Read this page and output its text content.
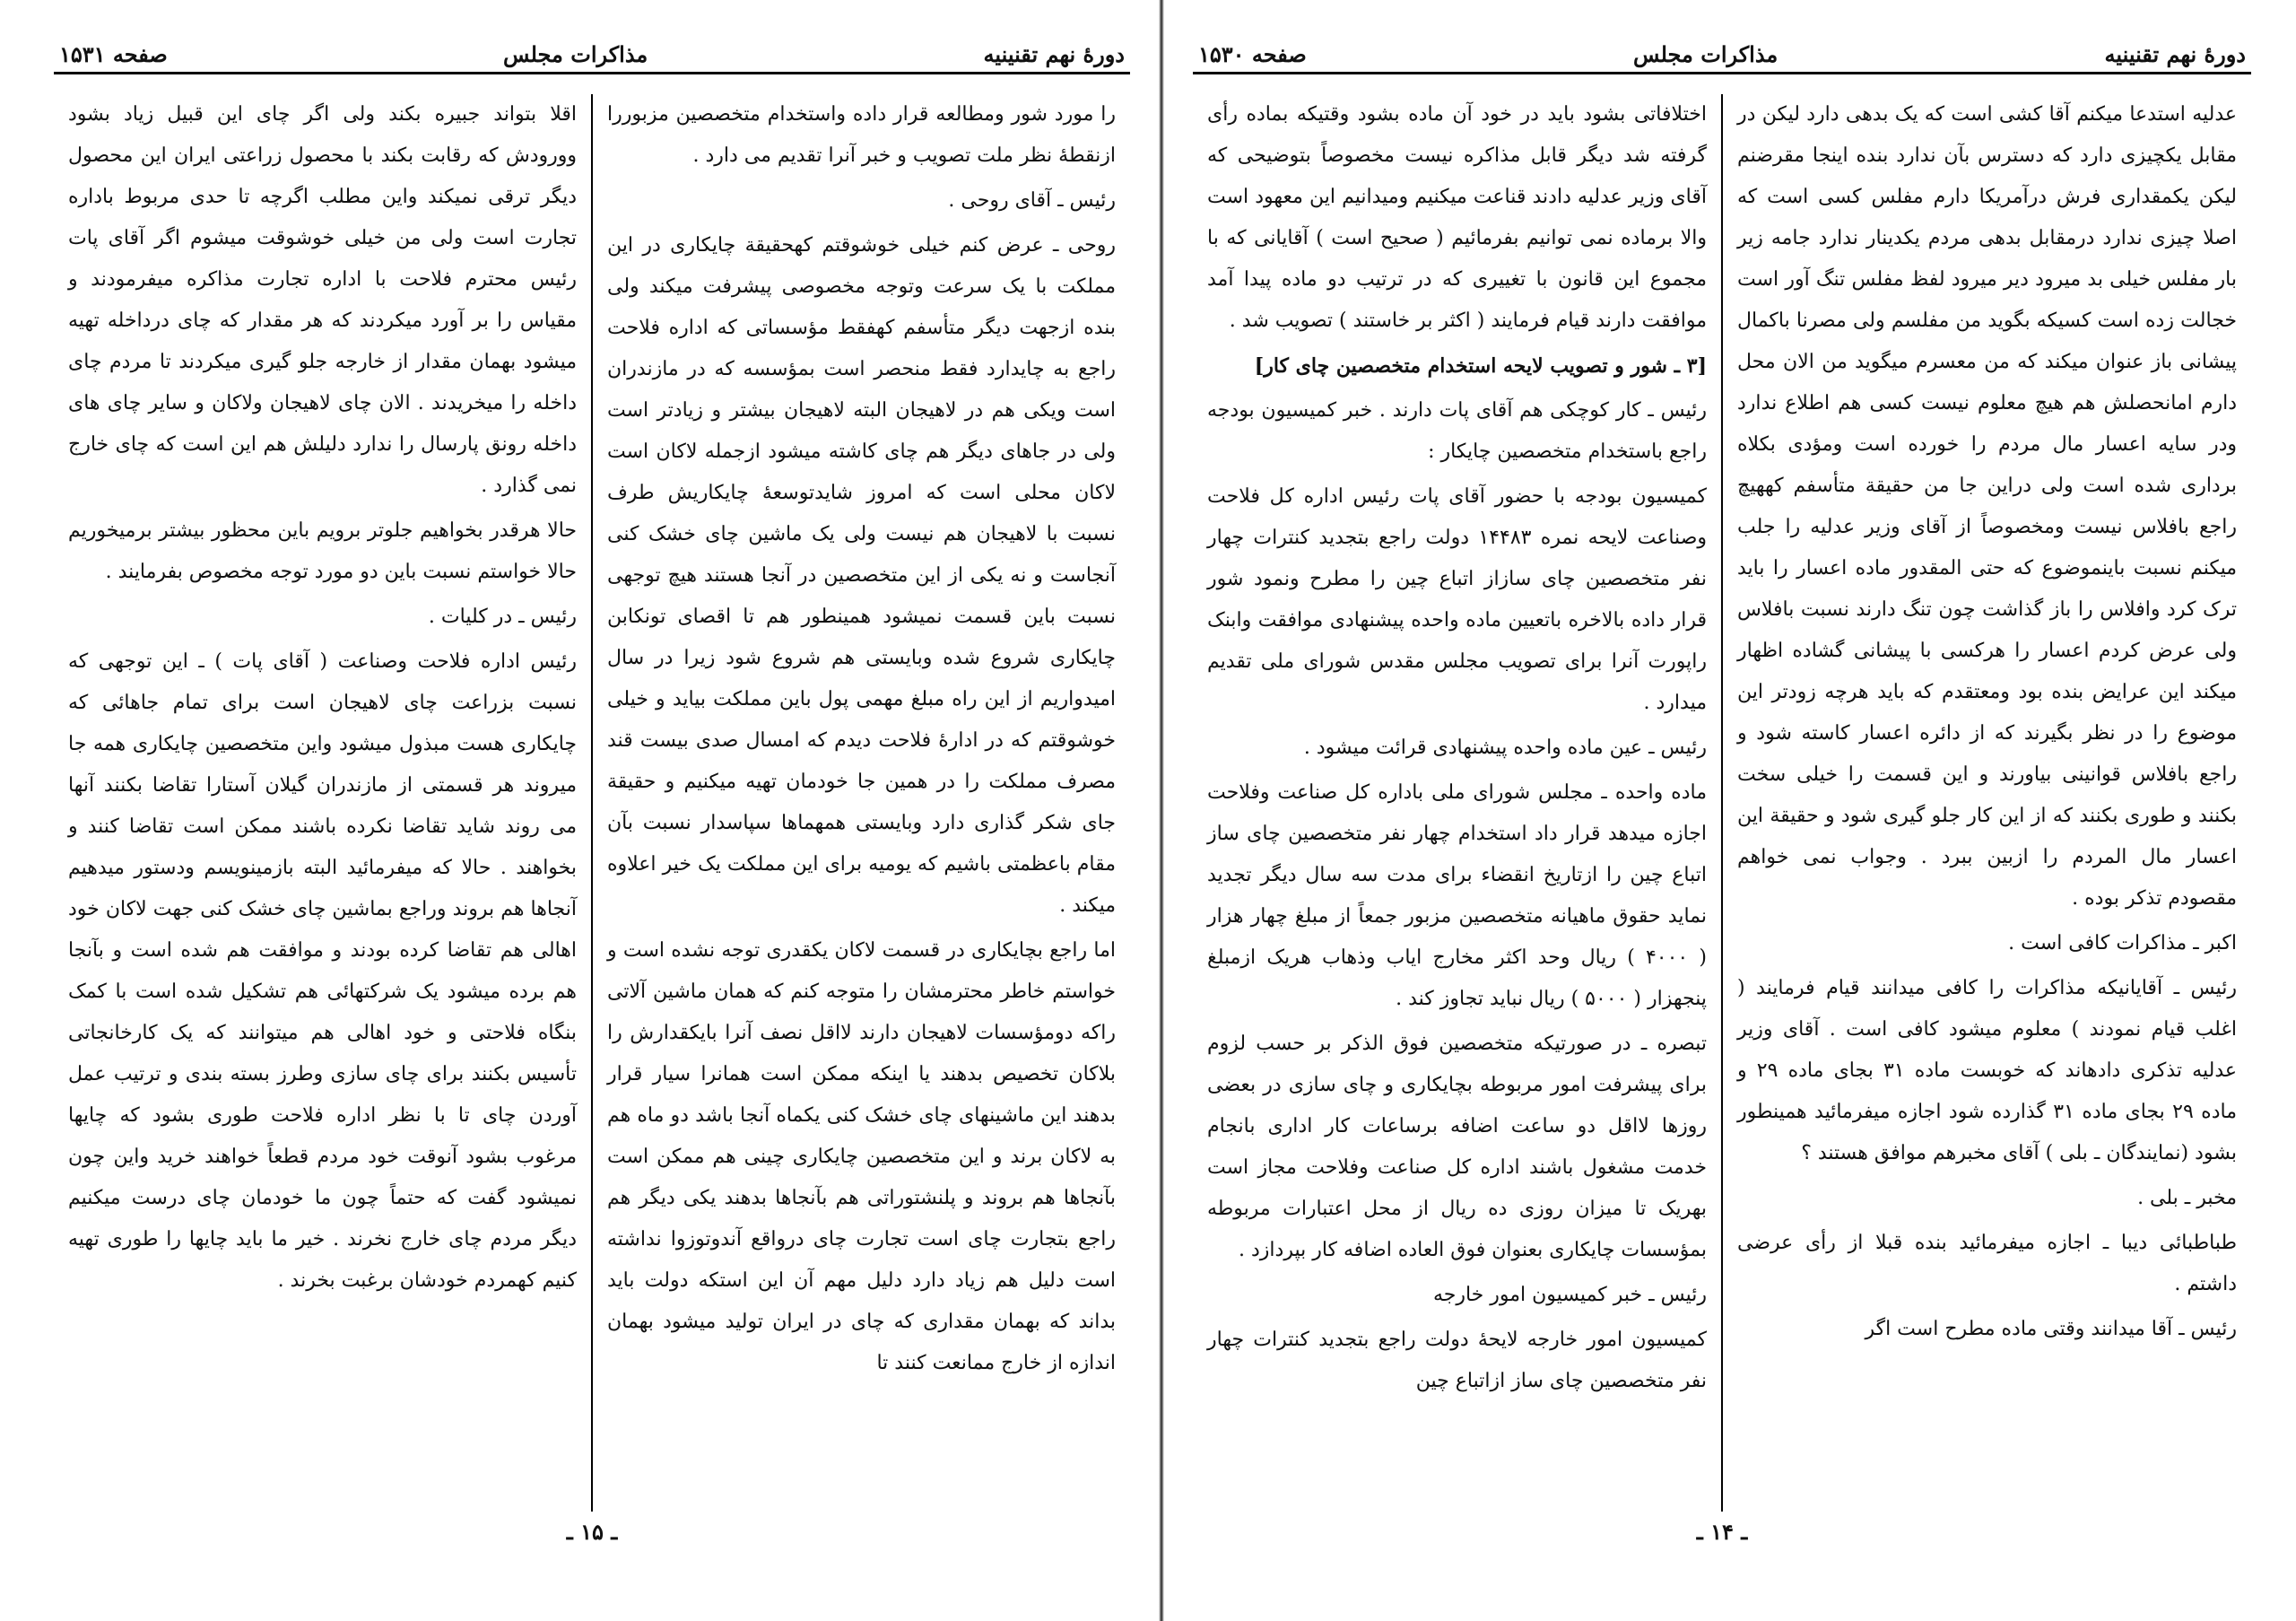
دورهٔ نهم تقنینیه
مذاکرات مجلس
صفحه ۱۵۳۱

را مورد شور ومطالعه قرار داده واستخدام متخصصین مزبوررا ازنقطهٔ نظر ملت تصویب و خبر آنرا تقدیم می دارد .

رئیس ـ آقای روحی .

روحی ـ عرض کنم خیلی خوشوقتم کهحقیقة چایکاری در این مملکت با یک سرعت وتوجه مخصوصی پیشرفت میکند ولی بنده ازجهت دیگر متأسفم کهفقط مؤسساتی که اداره فلاحت راجع به چایدارد فقط منحصر است بمؤسسه که در مازندران است ویکی هم در لاهیجان البته لاهیجان بیشتر و زیادتر است ولی در جاهای دیگر هم چای کاشته میشود ازجمله لاکان است لاکان محلی است که امروز شایدتوسعهٔ چایکاریش طرف نسبت با لاهیجان هم نیست ولی یک ماشین چای خشک کنی آنجاست و نه یکی از این متخصصین در آنجا هستند هیچ توجهی نسبت باین قسمت نمیشود همینطور هم تا اقصای تونکابن چایکاری شروع شده وبایستی هم شروع شود زیرا در سال امیدواریم از این راه مبلغ مهمی پول باین مملکت بیاید و خیلی خوشوقتم که در ادارهٔ فلاحت دیدم که امسال صدی بیست قند مصرف مملکت را در همین جا خودمان تهیه میکنیم و حقیقة جای شکر گذاری دارد وبایستی همهماها سپاسدار نسبت بآن مقام باعظمتی باشیم که یومیه برای این مملکت یک خیر اعلاوه میکند .

اما راجع بچایکاری در قسمت لاکان یکقدری توجه نشده است و خواستم خاطر محترمشان را متوجه کنم که همان ماشین آلاتی راکه دومؤسسات لاهیجان دارند لااقل نصف آنرا بایکقدارش را بلاکان تخصیص بدهند یا اینکه ممکن است همانرا سیار قرار بدهند این ماشینهای چای خشک کنی یکماه آنجا باشد دو ماه هم به لاکان برند و این متخصصین چایکاری چینی هم ممکن است بآنجاها هم بروند و پلنشتوراتی هم بآنجاها بدهند یکی دیگر هم راجع بتجارت چای است تجارت چای درواقع آندوتوزوا نداشته است دلیل هم زیاد دارد دلیل مهم آن این استکه دولت باید بداند که بهمان مقداری که چای در ایران تولید میشود بهمان اندازه از خارج ممانعت کنند تا

اقلا بتواند جبیره بکند ولی اگر چای این قبیل زیاد بشود وورودش که رقابت بکند با محصول زراعتی ایران این محصول دیگر ترقی نمیکند واین مطلب اگرچه تا حدی مربوط باداره تجارت است ولی من خیلی خوشوقت میشوم اگر آقای پات رئیس محترم فلاحت با اداره تجارت مذاکره میفرمودند و مقیاس را بر آورد میکردند که هر مقدار که چای درداخله تهیه میشود بهمان مقدار از خارجه جلو گیری میکردند تا مردم چای داخله را میخریدند . الان چای لاهیجان ولاکان و سایر چای های داخله رونق پارسال را ندارد دلیلش هم این است که چای خارج نمی گذارد .

حالا هرقدر بخواهیم جلوتر برویم باین محظور بیشتر برمیخوریم حالا خواستم نسبت باین دو مورد توجه مخصوص بفرمایند .

رئیس ـ در کلیات .

رئیس اداره فلاحت وصناعت ( آقای پات ) ـ این توجهی که نسبت بزراعت چای لاهیجان است برای تمام جاهائی که چایکاری هست مبذول میشود واین متخصصین چایکاری همه جا میروند هر قسمتی از مازندران گیلان آستارا تقاضا بکنند آنها می روند شاید تقاضا نکرده باشند ممکن است تقاضا کنند و بخواهند . حالا که میفرمائید البته بازمینویسم ودستور میدهیم آنجاها هم بروند وراجع بماشین چای خشک کنی جهت لاکان خود اهالی هم تقاضا کرده بودند و موافقت هم شده است و بآنجا هم برده میشود یک شرکتهائی هم تشکیل شده است با کمک بنگاه فلاحتی و خود اهالی هم میتوانند که یک کارخانجاتی تأسیس بکنند برای چای سازی وطرز بسته بندی و ترتیب عمل آوردن چای تا با نظر اداره فلاحت طوری بشود که چایها مرغوب بشود آنوقت خود مردم قطعاً خواهند خرید واین چون نمیشود گفت که حتماً چون ما خودمان چای درست میکنیم دیگر مردم چای خارج نخرند . خیر ما باید چایها را طوری تهیه کنیم کهمردم خودشان برغبت بخرند .

ـ ۱۵ ـ
دورهٔ نهم تقنینیه
مذاکرات مجلس
صفحه ۱۵۳۰

عدلیه استدعا میکنم آقا کشی است که یک بدهی دارد لیکن در مقابل یکچیزی دارد که دسترس بآن ندارد بنده اینجا مقرضنم لیکن یکمقداری فرش درآمریکا دارم مفلس کسی است که اصلا چیزی ندارد درمقابل بدهی مردم یکدینار ندارد جامه زیر بار مفلس خیلی بد میرود دیر میرود لفظ مفلس تنگ آور است خجالت زده است کسیکه بگوید من مفلسم ولی مصرنا باکمال پیشانی باز عنوان میکند که من معسرم میگوید من الان محل دارم امانحصلش هم هیچ معلوم نیست کسی هم اطلاع ندارد ودر سایه اعسار مال مردم را خورده است ومؤدی بکلاه برداری شده است ولی دراین جا من حقیقة متأسفم کههیچ راجع بافلاس نیست ومخصوصاً از آقای وزیر عدلیه را جلب میکنم نسبت باینموضوع که حتی المقدور ماده اعسار را باید ترک کرد وافلاس را باز گذاشت چون تنگ دارند نسبت بافلاس ولی عرض کردم اعسار را هرکسی با پیشانی گشاده اظهار میکند این عرایض بنده بود ومعتقدم که باید هرچه زودتر این موضوع را در نظر بگیرند که از دائره اعسار کاسته شود و راجع بافلاس قوانینی بیاورند و این قسمت را خیلی سخت بکنند و طوری بکنند که از این کار جلو گیری شود و حقیقة این اعسار مال المردم را ازبین ببرد . وجواب نمی خواهم مقصودم تذکر بوده .

اکبر ـ مذاکرات کافی است .

رئیس ـ آقایانیکه مذاکرات را کافی میدانند قیام فرمایند ( اغلب قیام نمودند ) معلوم میشود کافی است . آقای وزیر عدلیه تذکری دادهاند که خوبست ماده ۳۱ بجای ماده ۲۹ و ماده ۲۹ بجای ماده ۳۱ گذارده شود اجازه میفرمائید همینطور بشود (نمایندگان ـ بلی ) آقای مخبرهم موافق هستند ؟

مخبر ـ بلی .

طباطبائی دیبا ـ اجازه میفرمائید بنده قبلا از رأی عرضی داشتم .

رئیس ـ آقا میدانند وقتی ماده مطرح است اگر

اختلافاتی بشود باید در خود آن ماده بشود وقتیکه بماده رأی گرفته شد دیگر قابل مذاکره نیست مخصوصاً بتوضیحی که آقای وزیر عدلیه دادند قناعت میکنیم ومیدانیم این معهود است والا برماده نمی توانیم بفرمائیم ( صحیح است ) آقایانی که با مجموع این قانون با تغییری که در ترتیب دو ماده پیدا آمد موافقت دارند قیام فرمایند ( اکثر بر خاستند ) تصویب شد .

[۳ ـ شور و تصویب لایحه استخدام متخصصین چای کار]

رئیس ـ کار کوچکی هم آقای پات دارند . خبر کمیسیون بودجه راجع باستخدام متخصصین چایکار :

کمیسیون بودجه با حضور آقای پات رئیس اداره کل فلاحت وصناعت لایحه نمره ۱۴۴۸۳ دولت راجع بتجدید کنترات چهار نفر متخصصین چای سازاز اتباع چین را مطرح ونمود شور قرار داده بالاخره باتعیین ماده واحده پیشنهادی موافقت وابنک راپورت آنرا برای تصویب مجلس مقدس شورای ملی تقدیم میدارد .

رئیس ـ عین ماده واحده پیشنهادی قرائت میشود .

ماده واحده ـ مجلس شورای ملی باداره کل صناعت وفلاحت اجازه میدهد قرار داد استخدام چهار نفر متخصصین چای ساز اتباع چین را ازتاریخ انقضاء برای مدت سه سال دیگر تجدید نماید حقوق ماهیانه متخصصین مزبور جمعاً از مبلغ چهار هزار ( ۴۰۰۰ ) ریال وحد اکثر مخارج ایاب وذهاب هریک ازمبلغ پنجهزار ( ۵۰۰۰ ) ریال نباید تجاوز کند .

تبصره ـ در صورتیکه متخصصین فوق الذکر بر حسب لزوم برای پیشرفت امور مربوطه بچایکاری و چای سازی در بعضی روزها لااقل دو ساعت اضافه برساعات کار اداری بانجام خدمت مشغول باشند اداره کل صناعت وفلاحت مجاز است بهریک تا میزان روزی ده ریال از محل اعتبارات مربوطه بمؤسسات چایکاری بعنوان فوق العاده اضافه کار بپردازد .

رئیس ـ خبر کمیسیون امور خارجه

کمیسیون امور خارجه لایحهٔ دولت راجع بتجدید کنترات چهار نفر متخصصین چای ساز ازاتباع چین

ـ ۱۴ ـ
